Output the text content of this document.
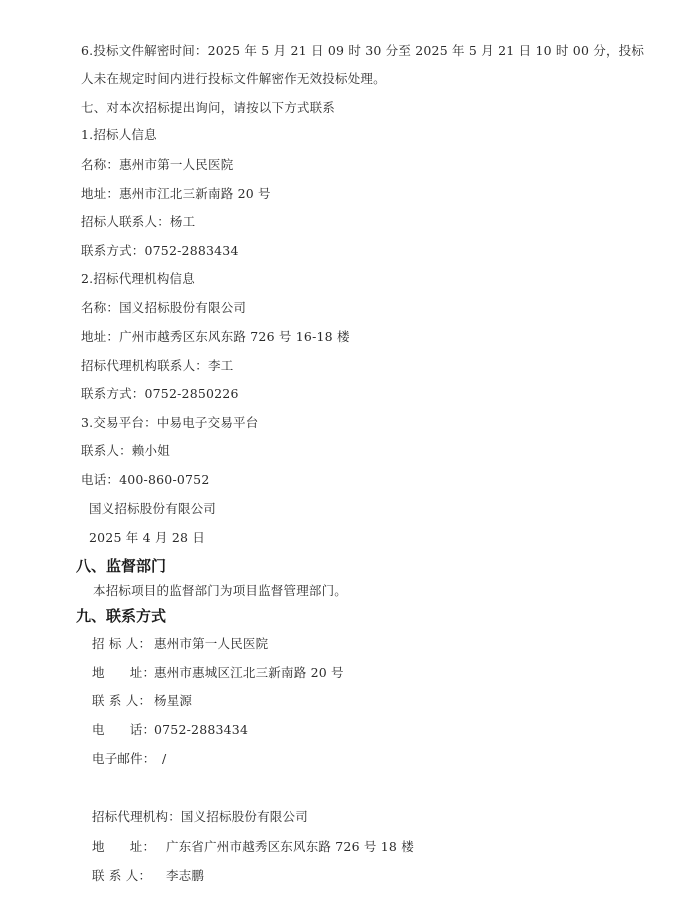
6.投标文件解密时间：2025 年 5 月 21 日 09 时 30 分至 2025 年 5 月 21 日 10 时 00 分，投标
人未在规定时间内进行投标文件解密作无效投标处理。
七、对本次招标提出询问，请按以下方式联系
1.招标人信息
名称：惠州市第一人民医院
地址：惠州市江北三新南路 20 号
招标人联系人：杨工
联系方式：0752-2883434
2.招标代理机构信息
名称：国义招标股份有限公司
地址：广州市越秀区东风东路 726 号 16-18 楼
招标代理机构联系人：李工
联系方式：0752-2850226
3.交易平台：中易电子交易平台
联系人：赖小姐
电话：400-860-0752
国义招标股份有限公司
2025 年 4 月 28 日
八、监督部门
本招标项目的监督部门为项目监督管理部门。
九、联系方式
招 标 人： 惠州市第一人民医院
地      址：惠州市惠城区江北三新南路 20 号
联 系 人： 杨星源
电      话：0752-2883434
电子邮件： /
招标代理机构：国义招标股份有限公司
地      址： 广东省广州市越秀区东风东路 726 号 18 楼
联 系 人： 李志鹏
